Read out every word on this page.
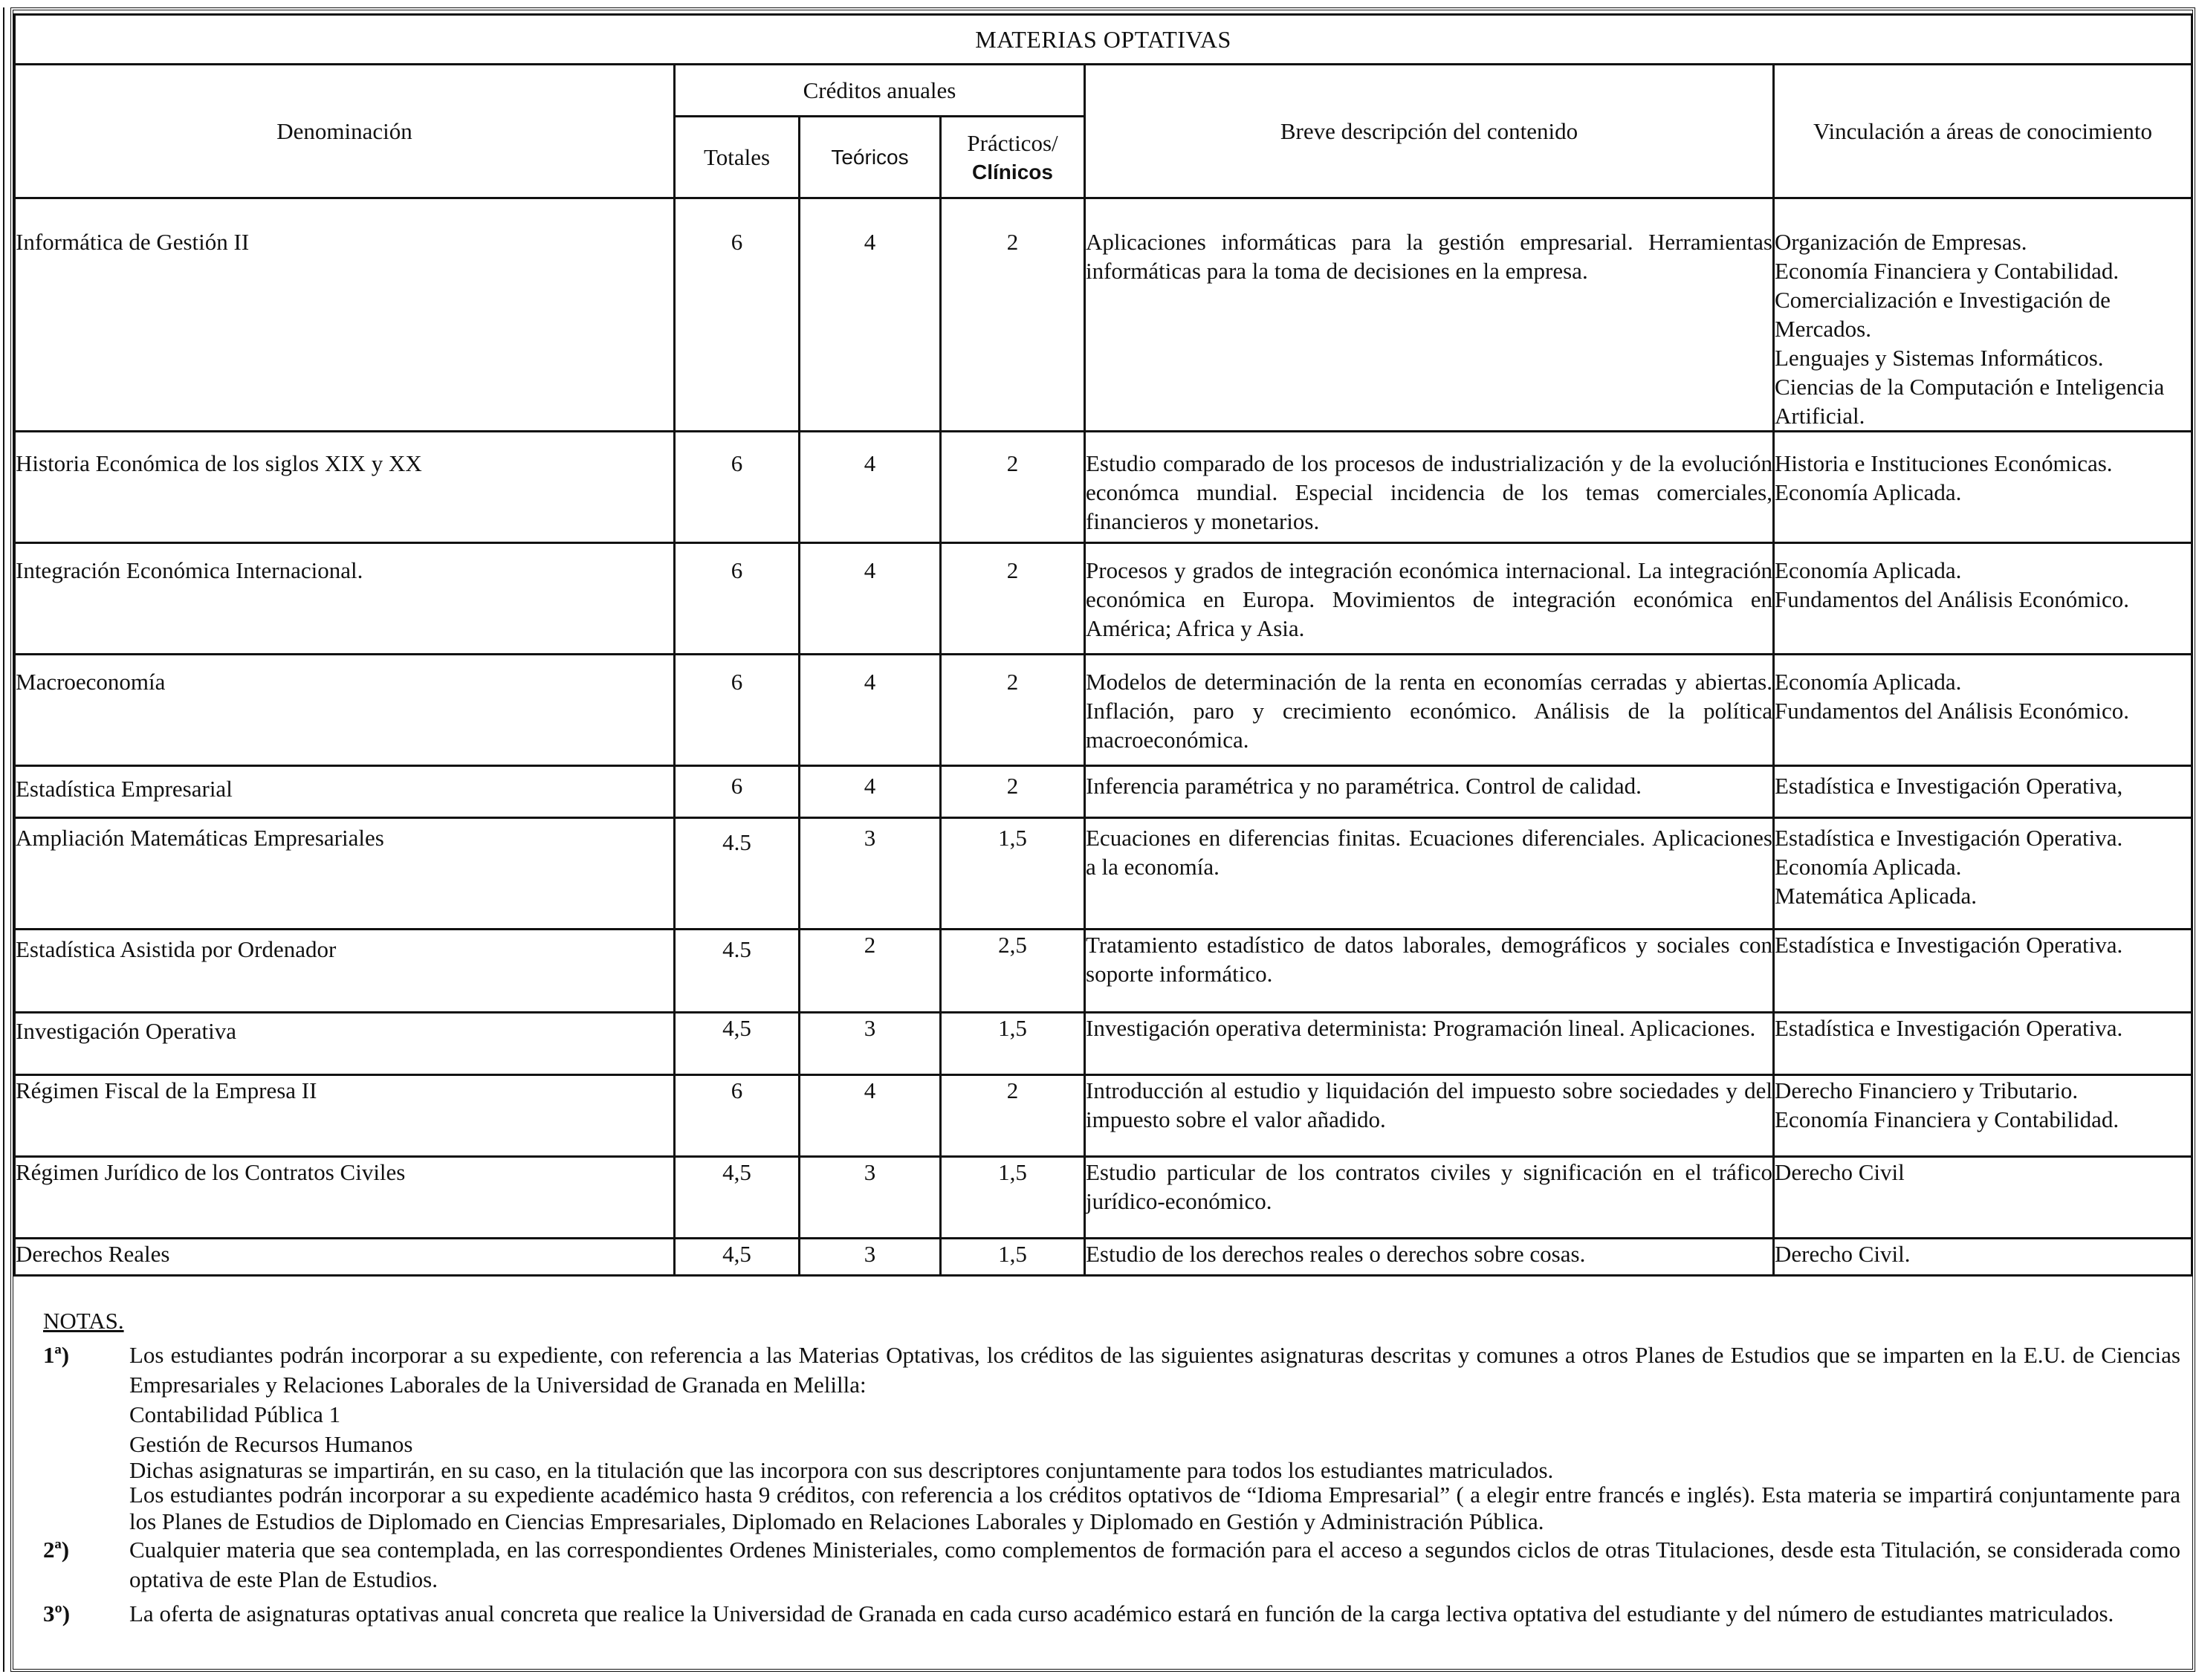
MATERIAS OPTATIVAS					
Denominación	Créditos anuales			Breve descripción del contenido	Vinculación a áreas de conocimiento
	Totales	Teóricos	Prácticos/
Clínicos		

Informática de Gestión II	6	4	2	Aplicaciones informáticas para la gestión empresarial. Herramientas informáticas para la toma de decisiones en la empresa.	Organización de Empresas.
Economía Financiera y Contabilidad.
Comercialización e Investigación de Mercados.
Lenguajes y Sistemas Informáticos.
Ciencias de la Computación e Inteligencia Artificial.

Historia Económica de los siglos XIX y XX	6	4	2	Estudio comparado de los procesos de industrialización y de la evolución económca mundial. Especial incidencia de los temas comerciales, financieros y monetarios.	Historia e Instituciones Económicas.
Economía Aplicada.

Integración Económica Internacional.	6	4	2	Procesos y grados de integración económica internacional. La integración económica en Europa. Movimientos de integración económica en América; Africa y Asia.	Economía Aplicada.
Fundamentos del Análisis Económico.

Macroeconomía	6	4	2	Modelos de determinación de la renta en economías cerradas y abiertas. Inflación, paro y crecimiento económico. Análisis de la política macroeconómica.	Economía Aplicada.
Fundamentos del Análisis Económico.

Estadística Empresarial	6	4	2	Inferencia paramétrica y no paramétrica. Control de calidad.	Estadística e Investigación Operativa,

Ampliación Matemáticas Empresariales	4.5	3	1,5	Ecuaciones en diferencias finitas. Ecuaciones diferenciales. Aplicaciones a la economía.	Estadística e Investigación Operativa.
Economía Aplicada.
Matemática Aplicada.

Estadística Asistida por Ordenador	4.5	2	2,5	Tratamiento estadístico de datos laborales, demográficos y sociales con soporte informático.	Estadística e Investigación Operativa.

Investigación Operativa	4,5	3	1,5	Investigación operativa determinista: Programación lineal. Aplicaciones.	Estadística e Investigación Operativa.

Régimen Fiscal de la Empresa II	6	4	2	Introducción al estudio y liquidación del impuesto sobre sociedades y del impuesto sobre el valor añadido.	Derecho Financiero y Tributario.
Economía Financiera y Contabilidad.

Régimen Jurídico de los Contratos Civiles	4,5	3	1,5	Estudio particular de los contratos civiles y significación en el tráfico jurídico-económico.	Derecho Civil

Derechos Reales	4,5	3	1,5	Estudio de los derechos reales o derechos sobre cosas.	Derecho Civil.
NOTAS.
1ª)	Los estudiantes podrán incorporar a su expediente, con referencia a las Materias Optativas, los créditos de las siguientes asignaturas descritas y comunes a otros Planes de Estudios que se imparten en la E.U. de Ciencias Empresariales y Relaciones Laborales de la Universidad de Granada en Melilla:
Contabilidad Pública 1
Gestión de Recursos Humanos
Dichas asignaturas se impartirán, en su caso, en la titulación que las incorpora con sus descriptores conjuntamente para todos los estudiantes matriculados.
Los estudiantes podrán incorporar a su expediente académico hasta 9 créditos, con referencia a los créditos optativos de “Idioma Empresarial” ( a elegir entre francés e inglés). Esta materia se impartirá conjuntamente para los Planes de Estudios de Diplomado en Ciencias Empresariales, Diplomado en Relaciones Laborales y Diplomado en Gestión y Administración Pública.
2ª)	Cualquier materia que sea contemplada, en las correspondientes Ordenes Ministeriales, como complementos de formación para el acceso a segundos ciclos de otras Titulaciones, desde esta Titulación, se considerada como optativa de este Plan de Estudios.
3º)	La oferta de asignaturas optativas anual concreta que realice la Universidad de Granada en cada curso académico estará en función de la carga lectiva optativa del estudiante y del número de estudiantes matriculados.
